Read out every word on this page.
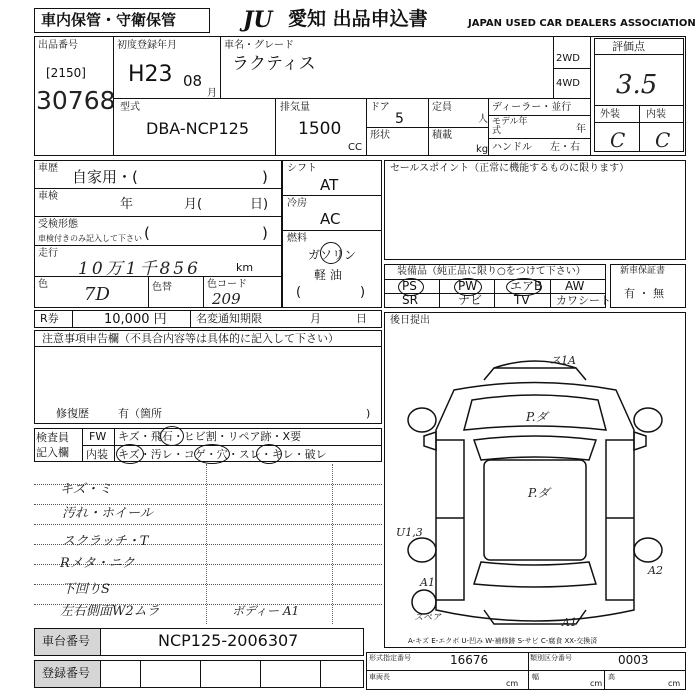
車内保管・守衛保管	JU 愛知 出品申込書	JAPAN USED CAR DEALERS ASSOCIATION
出品番号
[2150]
30768
初度登録年月
H23 08
月
車名・グレード
ラクティス	2WD
4WD
評価点
3.5
外装	内装
C C
型式
DBA-NCP125
排気量
1500
CC
ドア
5
形状
定員
人
積載
kg
ディーラー・並行
モデル年式	年
ハンドル 左・右
車歴 自家用・(	)
車検
年	月(	日)
受検形態
車検付きのみ記入して下さい (	)
走行
10万1千856	km
色 7D	色替	色コード
209
シフト
AT
冷房
AC
燃料
ガソリン
軽 油
(	)
セールスポイント（正常に機能するものに限ります）
装備品（純正品に限り○をつけて下さい）
PS	PW	エアB AW
SR	ナビ	TV カワシート
新車保証書
有 ・ 無
R券	10,000 円	名変通知期限	月	日
注意事項申告欄（不具合内容等は具体的に記入して下さい）
修復歴	有（箇所	)
検査員
記入欄
FW キズ・飛石・ヒビ割・リペア跡・X要
内装 キズ・汚レ・コゲ・穴・スレ・キレ・破レ
キズ・ミ
汚れ・ホイール
スクラッチ・T
Rメタ・ニク
下回りS
左右側面W2ムラ	ボディー A1
後日提出
ス1A
P.ダ
P.ダ
U1,3
A2
A1
A1
スペア
A-キズ E-エクボ U-凹み W-補修跡 S-サビ C-腐食 XX-交換済
車台番号	NCP125-2006307
登録番号
形式指定番号	16676	類別区分番号	0003
車両長
cm
幅
cm
高
cm
